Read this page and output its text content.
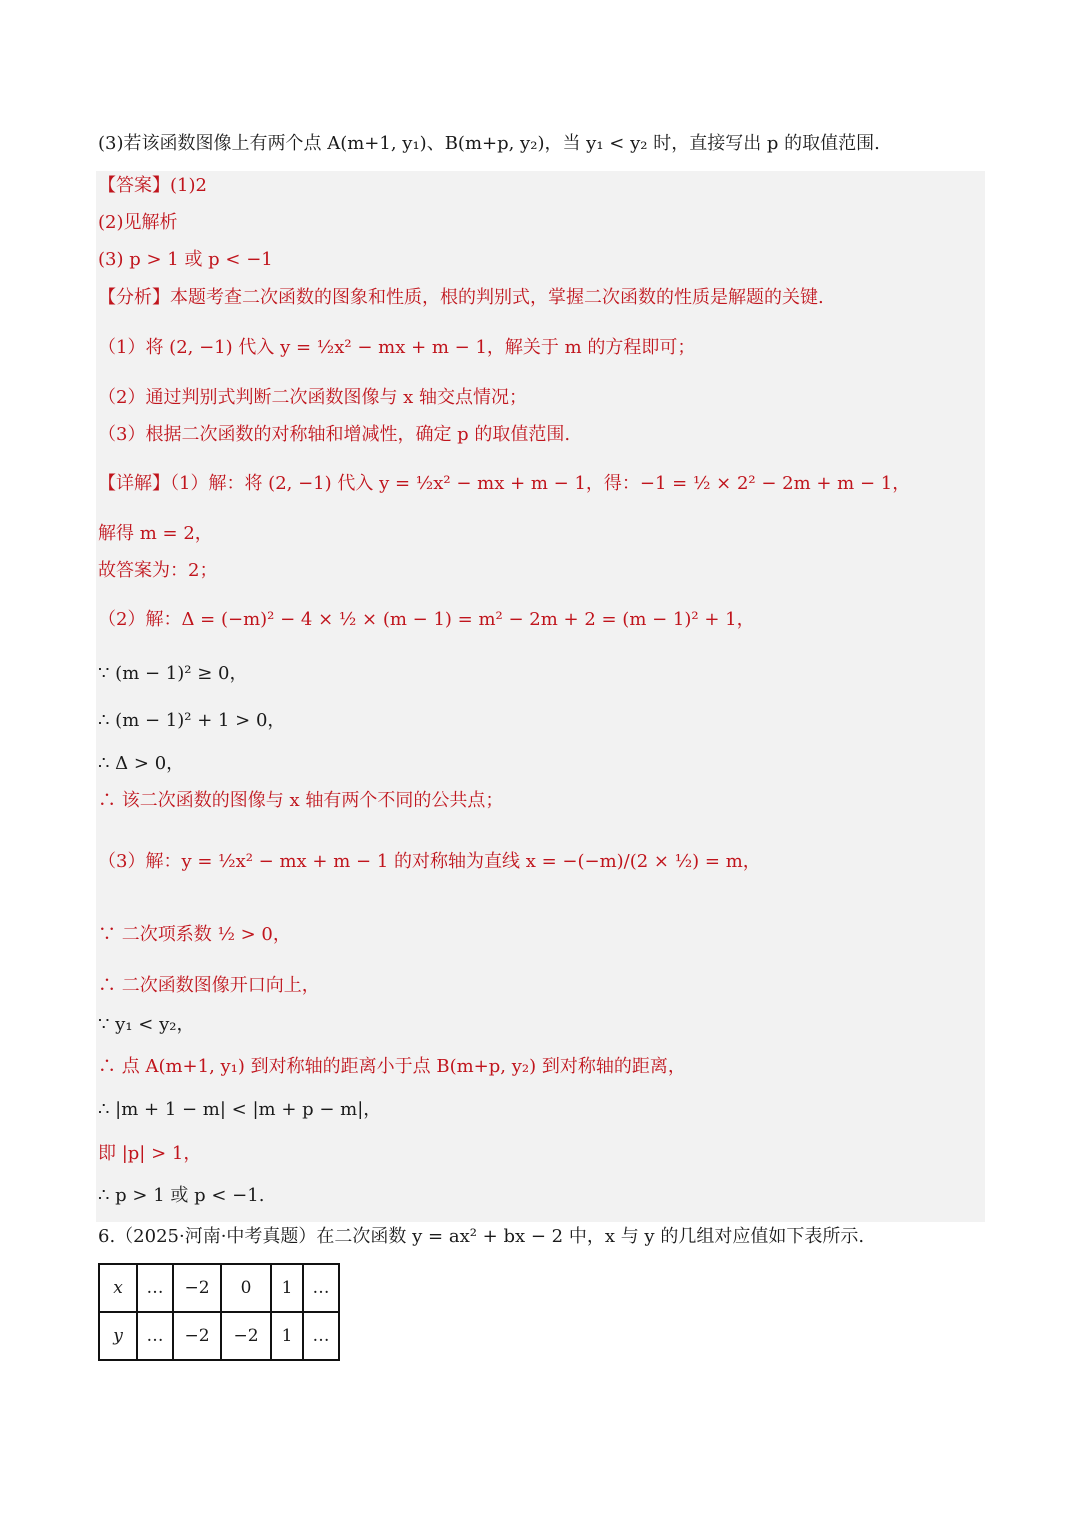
(3)若该函数图像上有两个点 A(m+1, y₁)、B(m+p, y₂)，当 y₁ < y₂ 时，直接写出 p 的取值范围.
【答案】(1)2
(2)见解析
(3) p > 1 或 p < −1
【分析】本题考查二次函数的图象和性质，根的判别式，掌握二次函数的性质是解题的关键.
（1）将 (2, −1) 代入 y = ½x² − mx + m − 1，解关于 m 的方程即可；
（2）通过判别式判断二次函数图像与 x 轴交点情况；
（3）根据二次函数的对称轴和增减性，确定 p 的取值范围.
【详解】（1）解：将 (2, −1) 代入 y = ½x² − mx + m − 1，得：−1 = ½ × 2² − 2m + m − 1，
解得 m = 2，
故答案为：2；
（2）解：Δ = (−m)² − 4 × ½ × (m − 1) = m² − 2m + 2 = (m − 1)² + 1，
∵ (m − 1)² ≥ 0，
∴ (m − 1)² + 1 > 0，
∴ Δ > 0，
∴ 该二次函数的图像与 x 轴有两个不同的公共点；
（3）解：y = ½x² − mx + m − 1 的对称轴为直线 x = −(−m)/(2 × ½) = m，
∵ 二次项系数 ½ > 0，
∴ 二次函数图像开口向上，
∵ y₁ < y₂，
∴ 点 A(m+1, y₁) 到对称轴的距离小于点 B(m+p, y₂) 到对称轴的距离，
∴ |m + 1 − m| < |m + p − m|，
即 |p| > 1，
∴ p > 1 或 p < −1.
6.（2025·河南·中考真题）在二次函数 y = ax² + bx − 2 中，x 与 y 的几组对应值如下表所示.
x	…	−2	0	1	…
y	…	−2	−2	1	…
